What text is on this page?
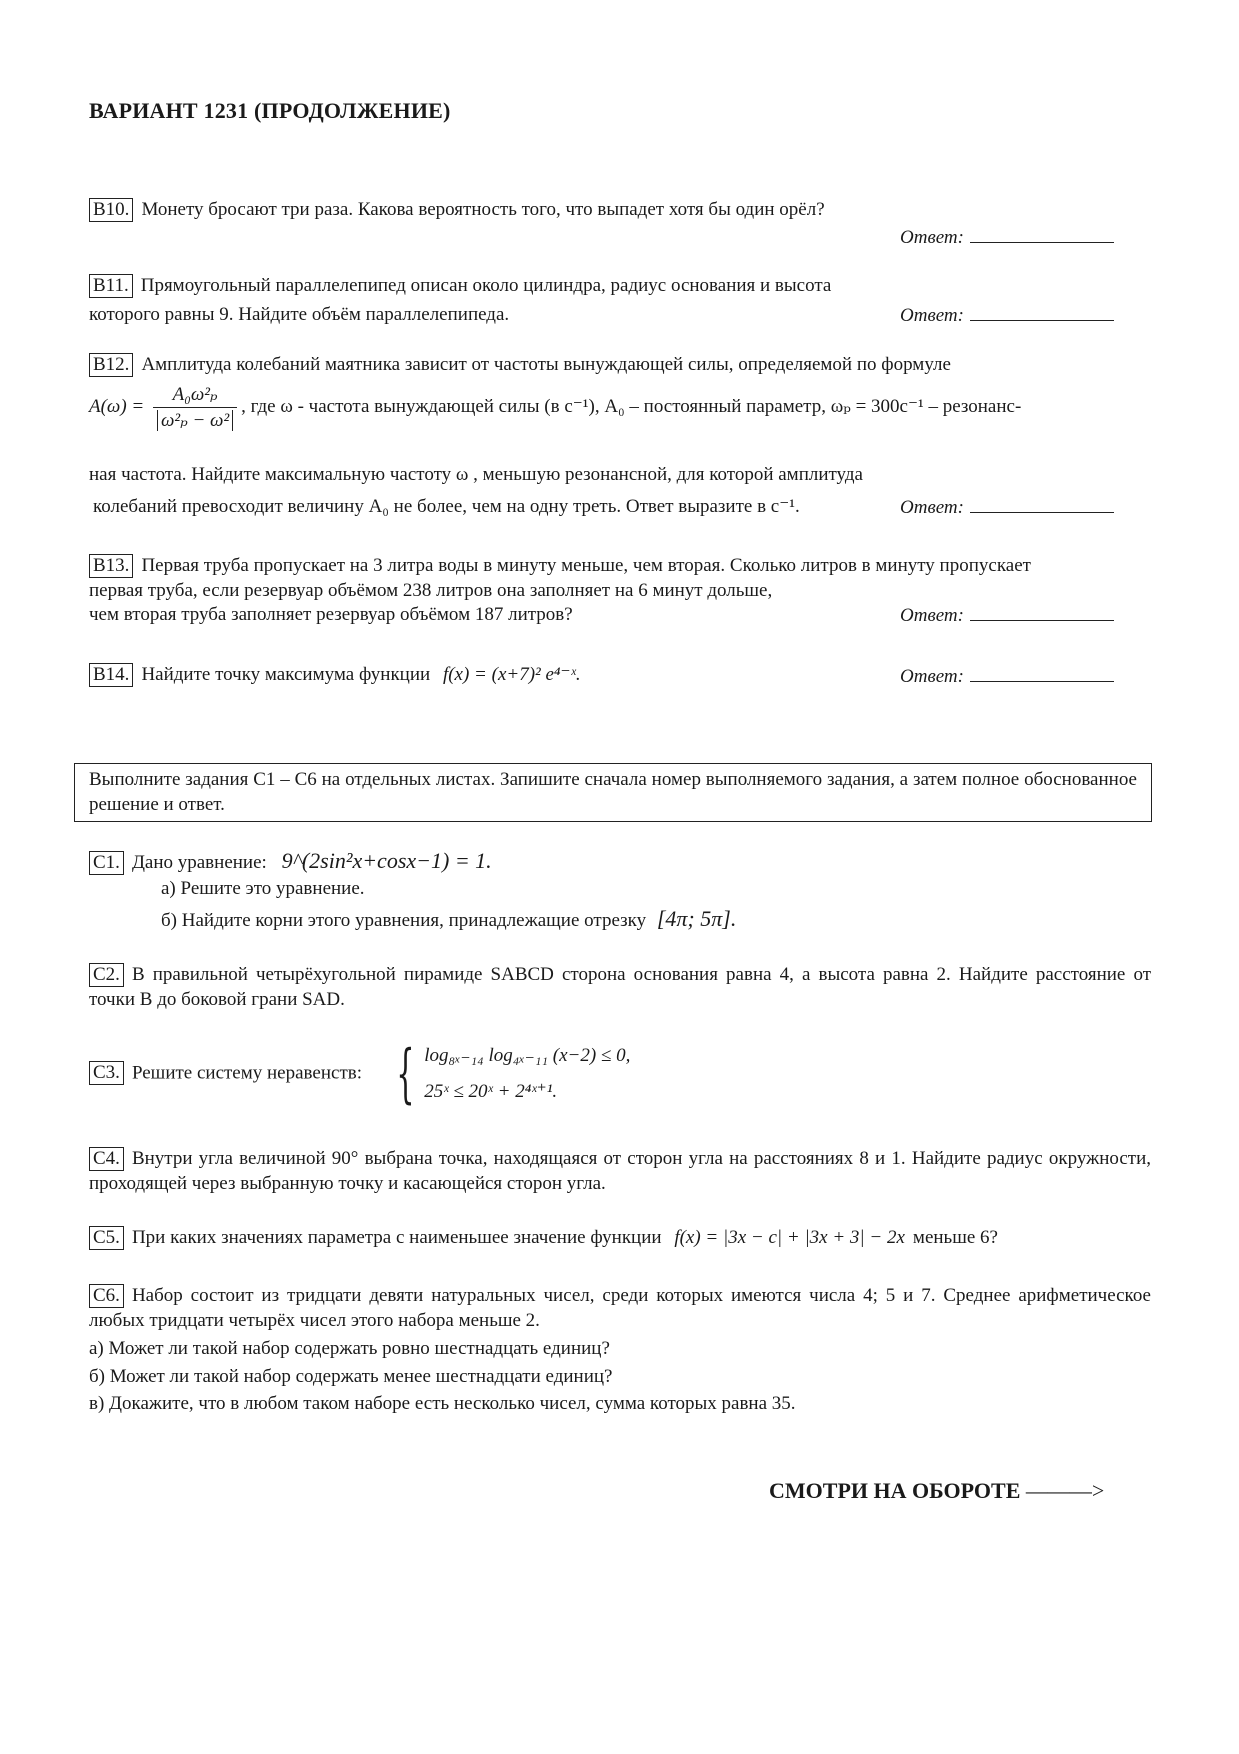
ВАРИАНТ 1231 (ПРОДОЛЖЕНИЕ)
B10. Монету бросают три раза. Какова вероятность того, что выпадет хотя бы один орёл?
Ответ:
B11. Прямоугольный параллелепипед описан около цилиндра, радиус основания и высота
которого равны 9. Найдите объём параллелепипеда.	Ответ:
B12. Амплитуда колебаний маятника зависит от частоты вынуждающей силы, определяемой по формуле
$A(\omega) = \frac{\text{A₀ω²ₚ}}{\text{ω²ₚ − ω²}}$ , где ω - частота вынуждающей силы (в с⁻¹), A₀ – постоянный параметр, ωₚ = 300с⁻¹ – резонанс-
ная частота. Найдите максимальную частоту ω , меньшую резонансной, для которой амплитуда
колебаний превосходит величину A₀ не более, чем на одну треть. Ответ выразите в с⁻¹.	Ответ:
B13. Первая труба пропускает на 3 литра воды в минуту меньше, чем вторая. Сколько литров в минуту пропускает
первая труба, если резервуар объёмом 238 литров она заполняет на 6 минут дольше,
чем вторая труба заполняет резервуар объёмом 187 литров?	Ответ:
B14. Найдите точку максимума функции f(x) = (x+7)² e⁴⁻ˣ.	Ответ:
Выполните задания С1 – С6 на отдельных листах. Запишите сначала номер выполняемого задания, а затем полное обоснованное решение и ответ.
C1. Дано уравнение: 9^(2sin²x+cosx−1) = 1.
а) Решите это уравнение.
б) Найдите корни этого уравнения, принадлежащие отрезку [4π; 5π].
C2. В правильной четырёхугольной пирамиде SABCD сторона основания равна 4, а высота равна 2. Найдите расстояние от точки B до боковой грани SAD.
C3. Решите систему неравенств: { log₈ₓ₋₁₄ log₄ₓ₋₁₁ (x−2) ≤ 0,
25ˣ ≤ 20ˣ + 2⁴ˣ⁺¹.
C4. Внутри угла величиной 90° выбрана точка, находящаяся от сторон угла на расстояниях 8 и 1. Найдите радиус окружности, проходящей через выбранную точку и касающейся сторон угла.
C5. При каких значениях параметра c наименьшее значение функции f(x) = |3x − c| + |3x + 3| − 2x меньше 6?
C6. Набор состоит из тридцати девяти натуральных чисел, среди которых имеются числа 4; 5 и 7. Среднее арифметическое любых тридцати четырёх чисел этого набора меньше 2.
а) Может ли такой набор содержать ровно шестнадцать единиц?
б) Может ли такой набор содержать менее шестнадцати единиц?
в) Докажите, что в любом таком наборе есть несколько чисел, сумма которых равна 35.
СМОТРИ НА ОБОРОТЕ ———>
